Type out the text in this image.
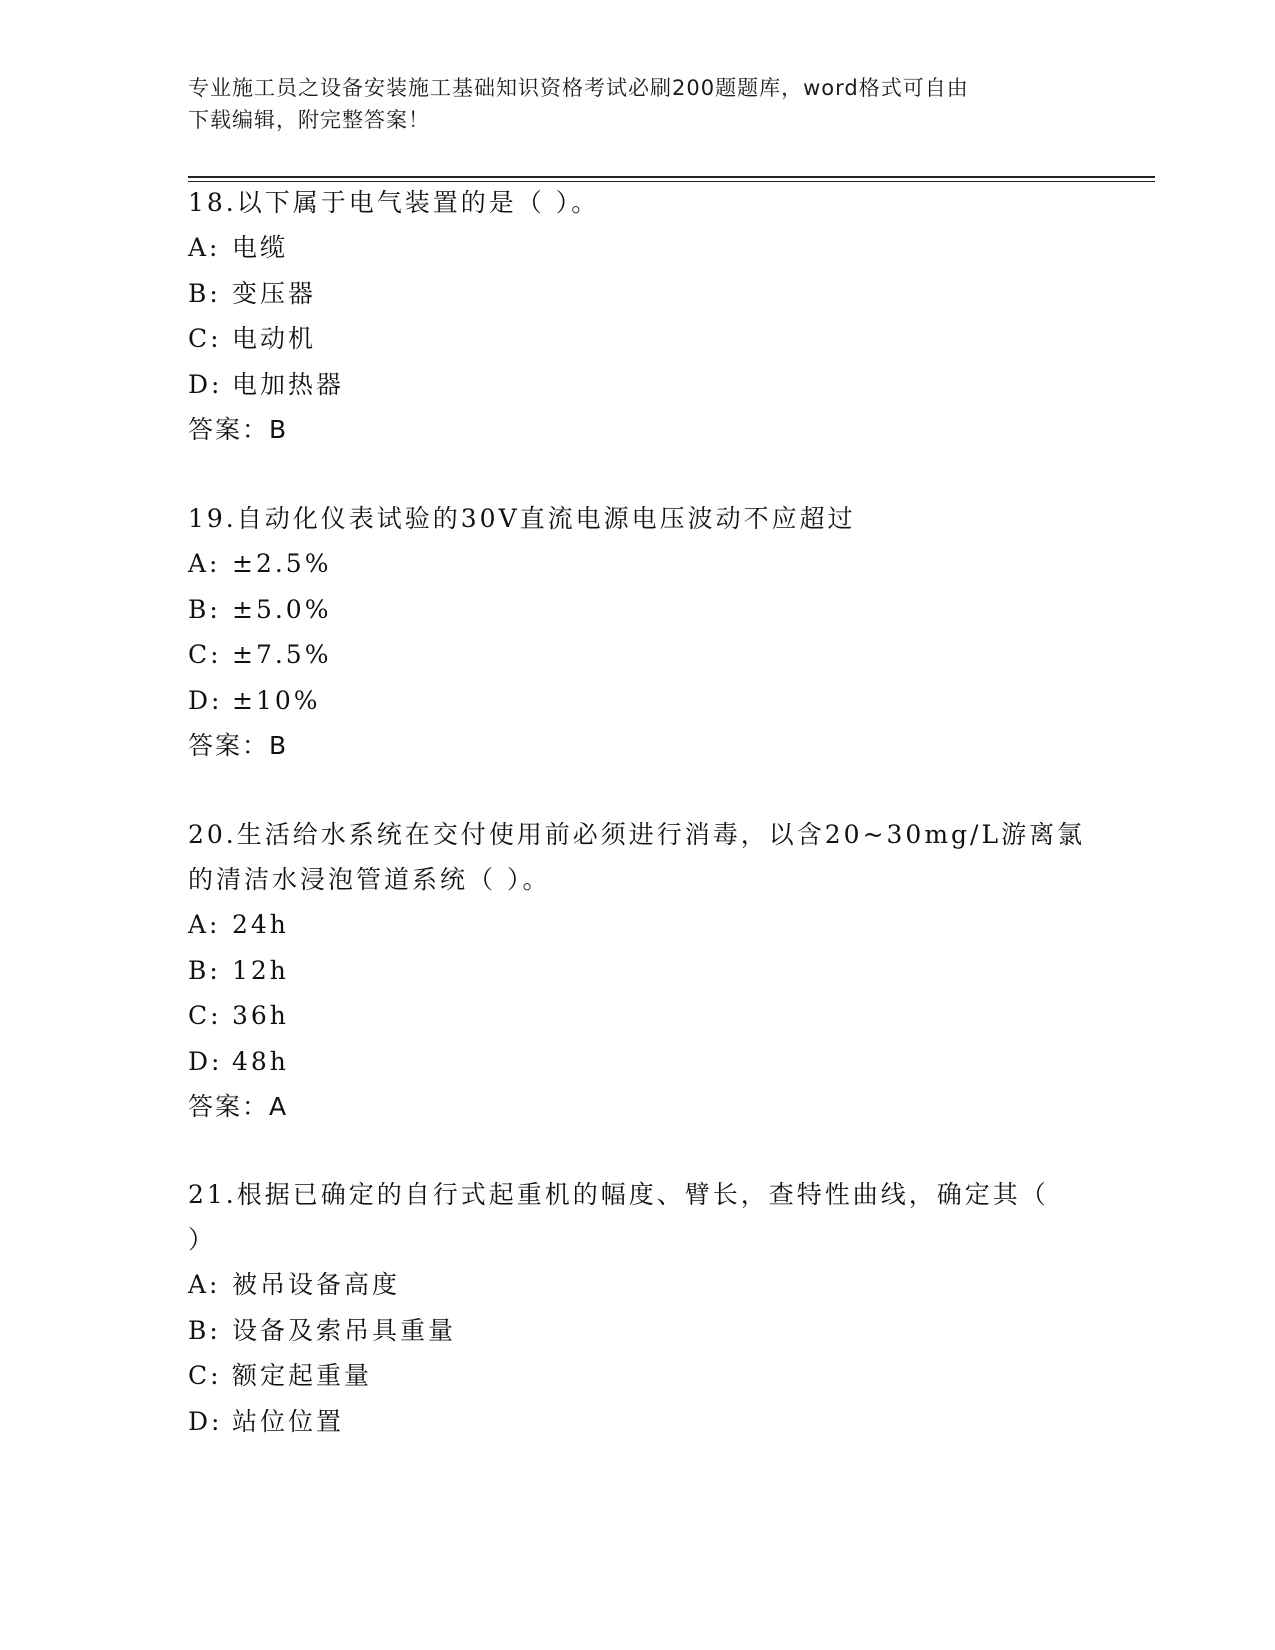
专业施工员之设备安装施工基础知识资格考试必刷200题题库，word格式可自由
下载编辑，附完整答案！
18.以下属于电气装置的是（ ）。
A: 电缆
B: 变压器
C: 电动机
D: 电加热器
答案：B
19.自动化仪表试验的30V直流电源电压波动不应超过
A: ±2.5%
B: ±5.0%
C: ±7.5%
D: ±10%
答案：B
20.生活给水系统在交付使用前必须进行消毒，以含20~30mg/L游离氯
的清洁水浸泡管道系统（ ）。
A: 24h
B: 12h
C: 36h
D: 48h
答案：A
21.根据已确定的自行式起重机的幅度、臂长，查特性曲线，确定其（
）
A: 被吊设备高度
B: 设备及索吊具重量
C: 额定起重量
D: 站位位置
